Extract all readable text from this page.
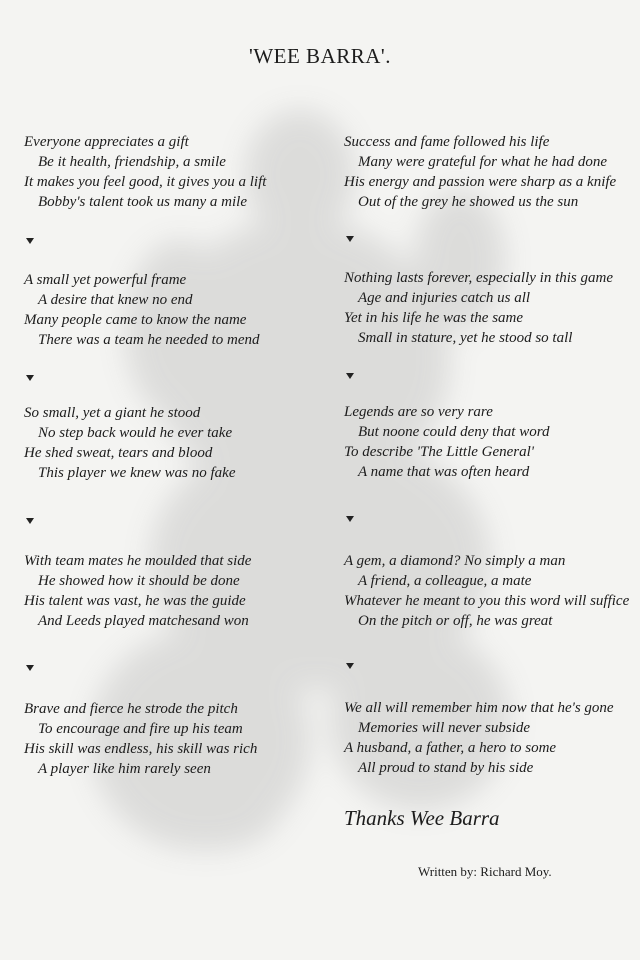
'WEE BARRA'.
Everyone appreciates a gift
Be it health, friendship, a smile
It makes you feel good, it gives you a lift
Bobby's talent took us many a mile
A small yet powerful frame
A desire that knew no end
Many people came to know the name
There was a team he needed to mend
So small, yet a giant he stood
No step back would he ever take
He shed sweat, tears and blood
This player we knew was no fake
With team mates he moulded that side
He showed how it should be done
His talent was vast, he was the guide
And Leeds played matchesand won
Brave and fierce he strode the pitch
To encourage and fire up his team
His skill was endless, his skill was rich
A player like him rarely seen
Success and fame followed his life
Many were grateful for what he had done
His energy and passion were sharp as a knife
Out of the grey he showed us the sun
Nothing lasts forever, especially in this game
Age and injuries catch us all
Yet in his life he was the same
Small in stature, yet he stood so tall
Legends are so very rare
But noone could deny that word
To describe 'The Little General'
A name that was often heard
A gem, a diamond? No simply a man
A friend, a colleague, a mate
Whatever he meant to you this word will suffice
On the pitch or off, he was great
We all will remember him now that he's gone
Memories will never subside
A husband, a father, a hero to some
All proud to stand by his side
Thanks Wee Barra
Written by: Richard Moy.
